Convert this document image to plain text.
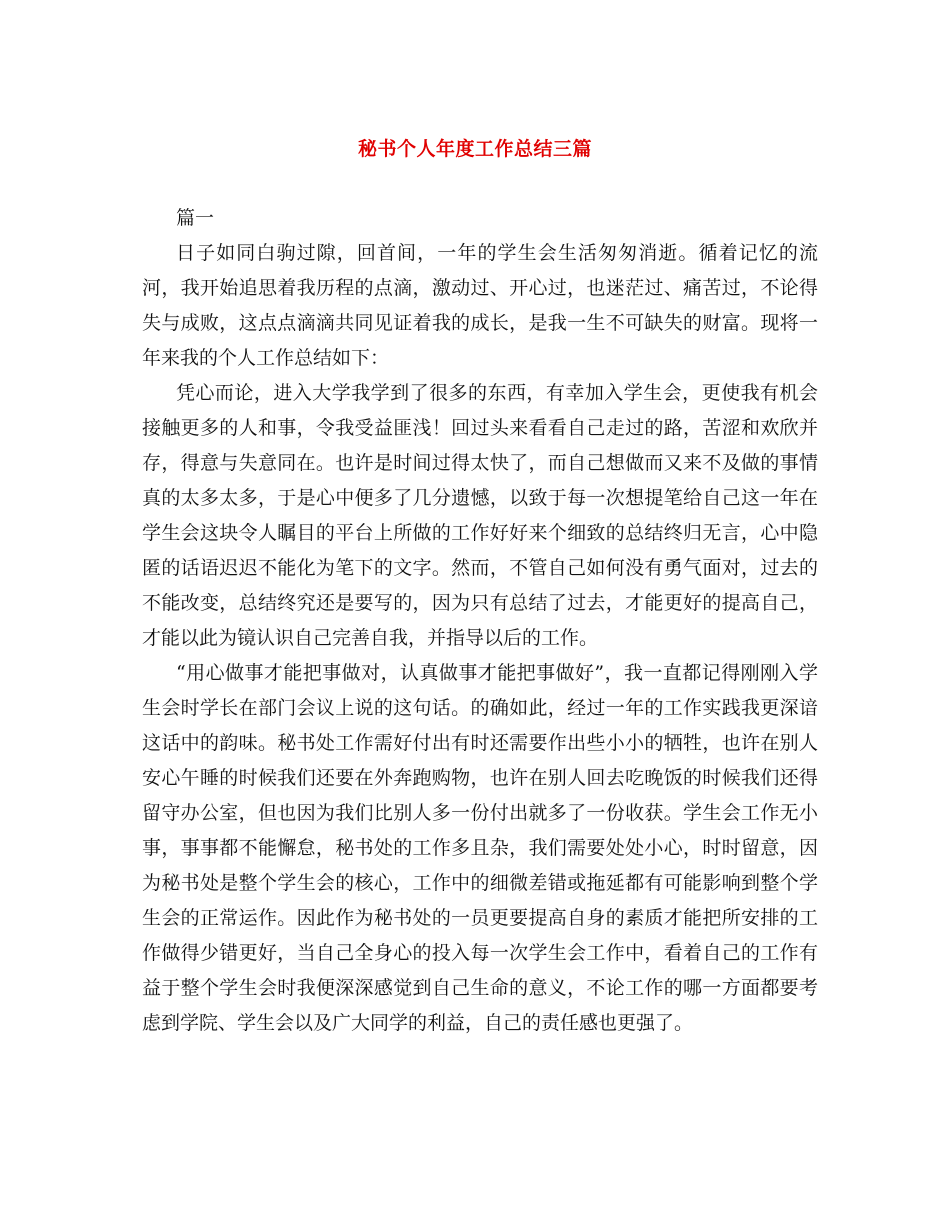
秘书个人年度工作总结三篇

篇一

日子如同白驹过隙，回首间，一年的学生会生活匆匆消逝。循着记忆的流河，我开始追思着我历程的点滴，激动过、开心过，也迷茫过、痛苦过，不论得失与成败，这点点滴滴共同见证着我的成长，是我一生不可缺失的财富。现将一年来我的个人工作总结如下：

凭心而论，进入大学我学到了很多的东西，有幸加入学生会，更使我有机会接触更多的人和事，令我受益匪浅！回过头来看看自己走过的路，苦涩和欢欣并存，得意与失意同在。也许是时间过得太快了，而自己想做而又来不及做的事情真的太多太多，于是心中便多了几分遗憾，以致于每一次想提笔给自己这一年在学生会这块令人瞩目的平台上所做的工作好好来个细致的总结终归无言，心中隐匿的话语迟迟不能化为笔下的文字。然而，不管自己如何没有勇气面对，过去的不能改变，总结终究还是要写的，因为只有总结了过去，才能更好的提高自己，才能以此为镜认识自己完善自我，并指导以后的工作。

“用心做事才能把事做对，认真做事才能把事做好”，我一直都记得刚刚入学生会时学长在部门会议上说的这句话。的确如此，经过一年的工作实践我更深谙这话中的韵味。秘书处工作需好付出有时还需要作出些小小的牺牲，也许在别人安心午睡的时候我们还要在外奔跑购物，也许在别人回去吃晚饭的时候我们还得留守办公室，但也因为我们比别人多一份付出就多了一份收获。学生会工作无小事，事事都不能懈怠，秘书处的工作多且杂，我们需要处处小心，时时留意，因为秘书处是整个学生会的核心，工作中的细微差错或拖延都有可能影响到整个学生会的正常运作。因此作为秘书处的一员更要提高自身的素质才能把所安排的工作做得少错更好，当自己全身心的投入每一次学生会工作中，看着自己的工作有益于整个学生会时我便深深感觉到自己生命的意义，不论工作的哪一方面都要考虑到学院、学生会以及广大同学的利益，自己的责任感也更强了。
